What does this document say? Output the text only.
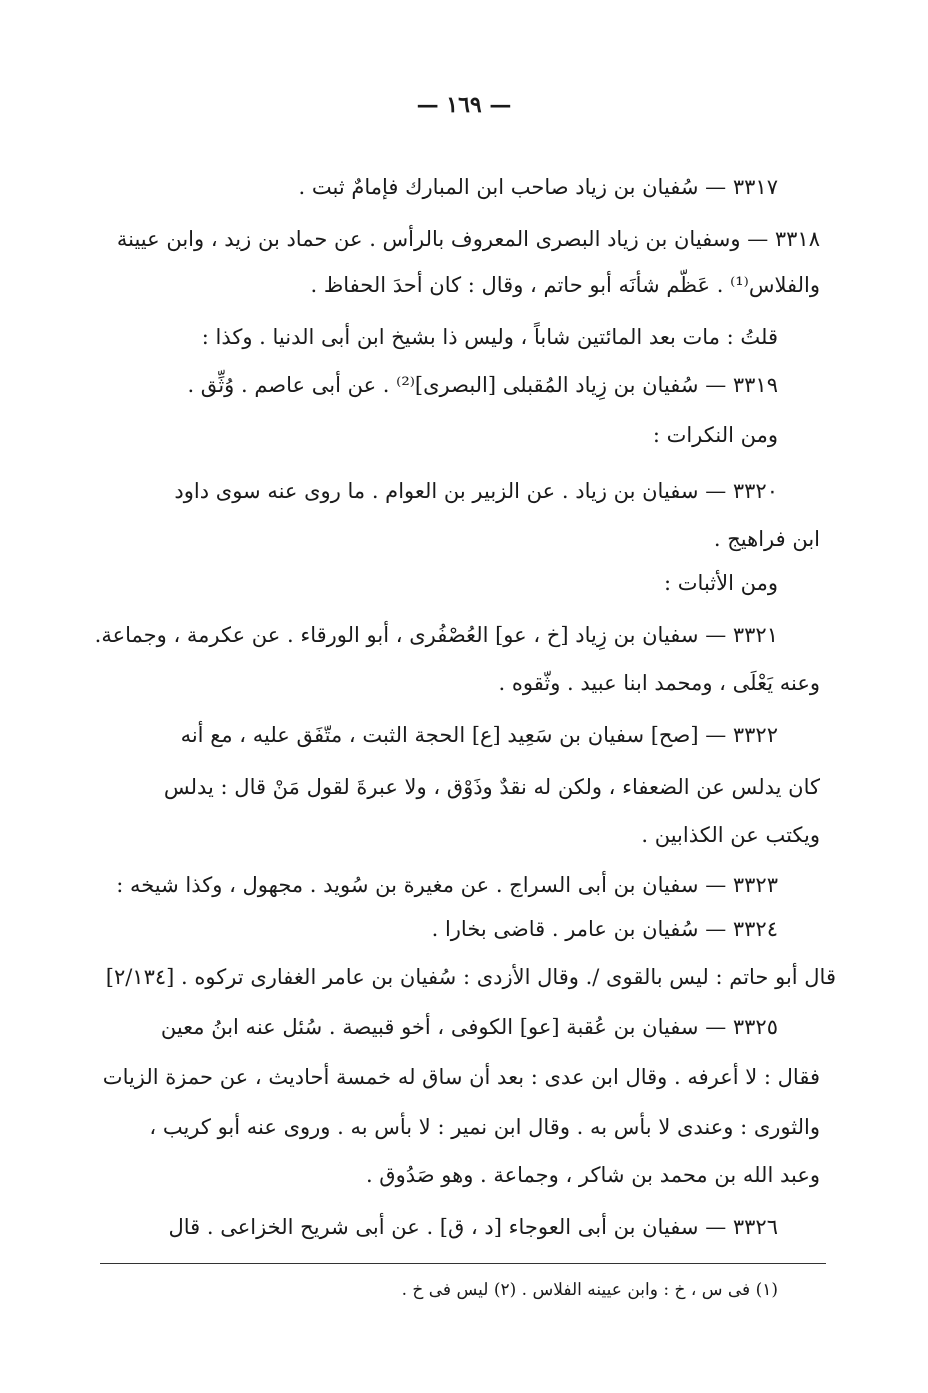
— ١٦٩ —
٣٣١٧ — سُفيان بن زياد صاحب ابن المبارك فإمامٌ ثبت .
٣٣١٨ — وسفيان بن زياد البصرى المعروف بالرأس . عن حماد بن زيد ، وابن عيينة
والفلاس⁽¹⁾ . عَظّم شأنَه أبو حاتم ، وقال : كان أحدَ الحفاظ .
قلتُ : مات بعد المائتين شاباً ، وليس ذا بشيخ ابن أبى الدنيا . وكذا :
٣٣١٩ — سُفيان بن زِياد المُقبلى [البصرى]⁽²⁾ . عن أبى عاصم . وُثِّق .
ومن النكرات :
٣٣٢٠ — سفيان بن زياد . عن الزبير بن العوام . ما روى عنه سوى داود
ابن فراهيج .
ومن الأثبات :
٣٣٢١ — سفيان بن زِياد [خ ، عو] العُصْفُرى ، أبو الورقاء . عن عكرمة ، وجماعة.
وعنه يَعْلَى ، ومحمد ابنا عبيد . وثّقوه .
٣٣٢٢ — [صح] سفيان بن سَعِيد [ع] الحجة الثبت ، متّفَق عليه ، مع أنه
كان يدلس عن الضعفاء ، ولكن له نقدٌ وذَوْق ، ولا عبرةَ لقول مَنْ قال : يدلس
ويكتب عن الكذابين .
٣٣٢٣ — سفيان بن أبى السراج . عن مغيرة بن سُويد . مجهول ، وكذا شيخه :
٣٣٢٤ — سُفيان بن عامر . قاضى بخارا .
قال أبو حاتم : ليس بالقوى /. وقال الأزدى : سُفيان بن عامر الغفارى تركوه . [٢/١٣٤]
٣٣٢٥ — سفيان بن عُقبة [عو] الكوفى ، أخو قبيصة . سُئل عنه ابنُ معين
فقال : لا أعرفه . وقال ابن عدى : بعد أن ساق له خمسة أحاديث ، عن حمزة الزيات
والثورى : وعندى لا بأس به . وقال ابن نمير : لا بأس به . وروى عنه أبو كريب ،
وعبد الله بن محمد بن شاكر ، وجماعة . وهو صَدُوق .
٣٣٢٦ — سفيان بن أبى العوجاء [د ، ق] . عن أبى شريح الخزاعى . قال
(١) فى س ، خ : وابن عيينه الفلاس . (٢) ليس فى خ .
